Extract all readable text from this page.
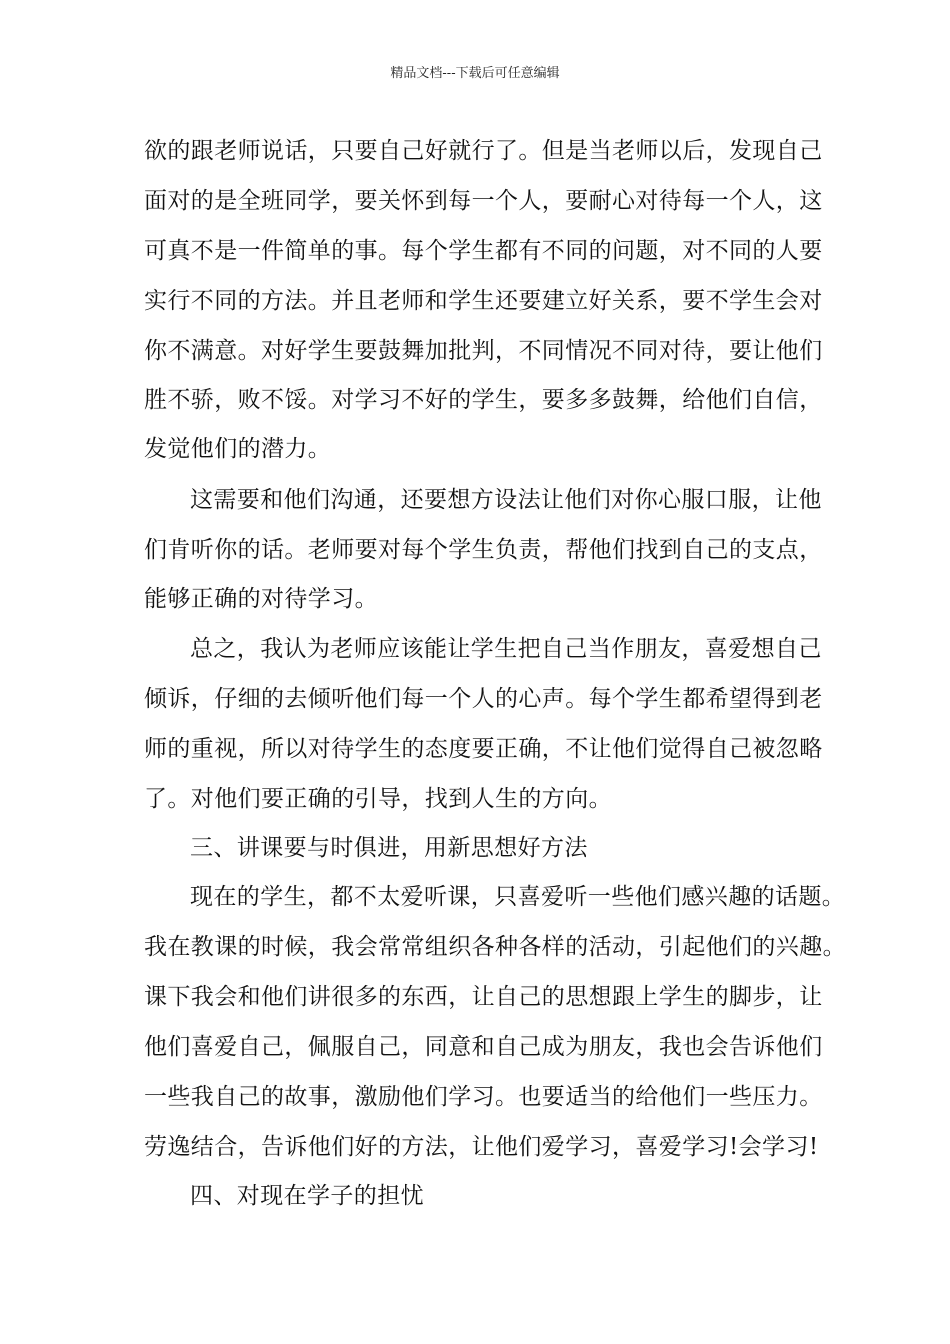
精品文档---下载后可任意编辑
欲的跟老师说话，只要自己好就行了。但是当老师以后，发现自己
面对的是全班同学，要关怀到每一个人，要耐心对待每一个人，这
可真不是一件简单的事。每个学生都有不同的问题，对不同的人要
实行不同的方法。并且老师和学生还要建立好关系，要不学生会对
你不满意。对好学生要鼓舞加批判，不同情况不同对待，要让他们
胜不骄，败不馁。对学习不好的学生，要多多鼓舞，给他们自信，
发觉他们的潜力。
这需要和他们沟通，还要想方设法让他们对你心服口服，让他
们肯听你的话。老师要对每个学生负责，帮他们找到自己的支点，
能够正确的对待学习。
总之，我认为老师应该能让学生把自己当作朋友，喜爱想自己
倾诉，仔细的去倾听他们每一个人的心声。每个学生都希望得到老
师的重视，所以对待学生的态度要正确，不让他们觉得自己被忽略
了。对他们要正确的引导，找到人生的方向。
三、讲课要与时俱进，用新思想好方法
现在的学生，都不太爱听课，只喜爱听一些他们感兴趣的话题。
我在教课的时候，我会常常组织各种各样的活动，引起他们的兴趣。
课下我会和他们讲很多的东西，让自己的思想跟上学生的脚步，让
他们喜爱自己，佩服自己，同意和自己成为朋友，我也会告诉他们
一些我自己的故事，激励他们学习。也要适当的给他们一些压力。
劳逸结合，告诉他们好的方法，让他们爱学习，喜爱学习!会学习!
四、对现在学子的担忧
